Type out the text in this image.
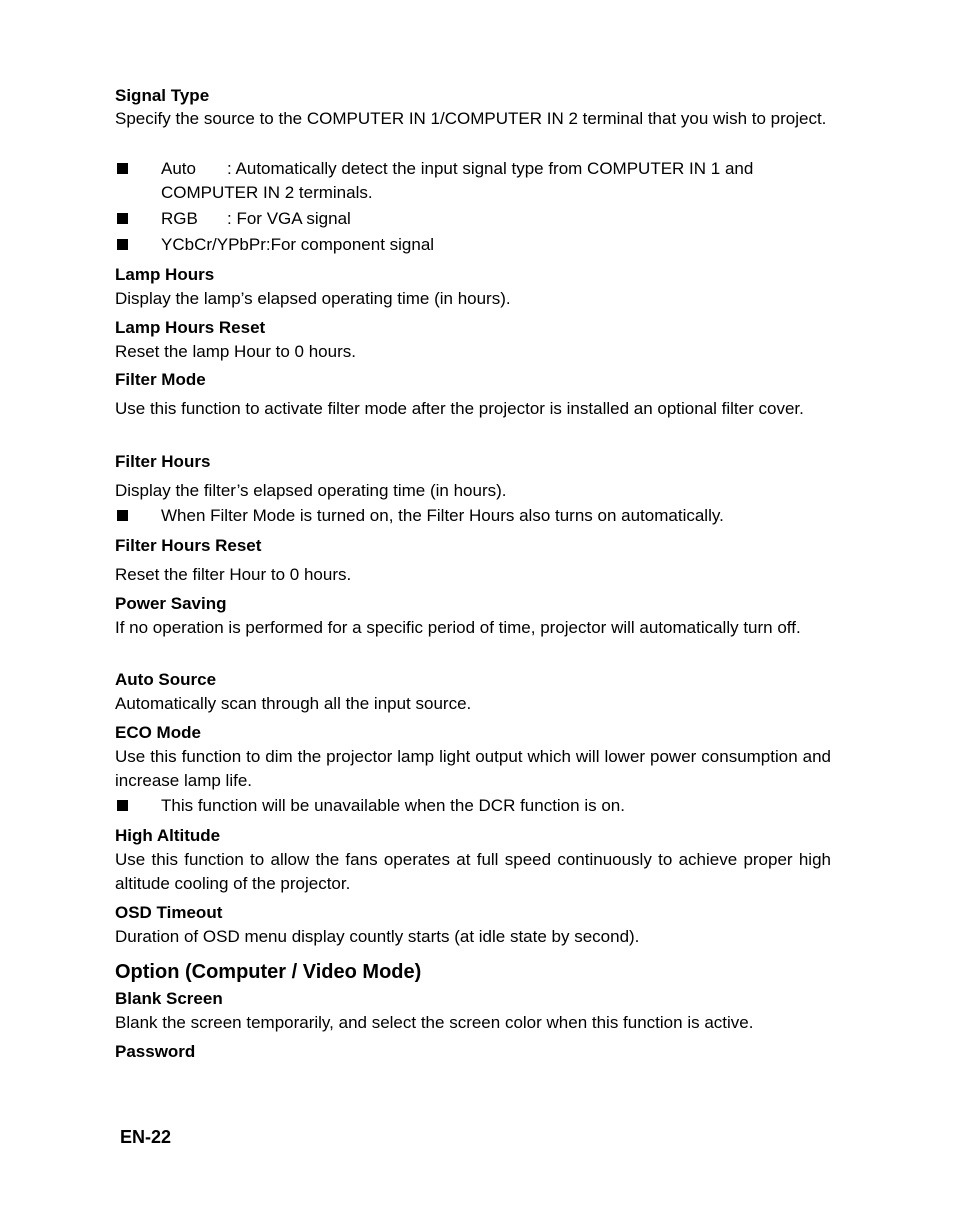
Signal Type
Specify the source to the COMPUTER IN 1/COMPUTER IN 2 terminal that you wish to project.
Auto : Automatically detect the input signal type from COMPUTER IN 1 and
COMPUTER IN 2 terminals.
RGB : For VGA signal
YCbCr/YPbPr:For component signal
Lamp Hours
Display the lamp’s elapsed operating time (in hours).
Lamp Hours Reset
Reset the lamp Hour to 0 hours.
Filter Mode
Use this function to activate filter mode after the projector is installed an optional filter cover.
Filter Hours
Display the filter’s elapsed operating time (in hours).
When Filter Mode is turned on, the Filter Hours also turns on automatically.
Filter Hours Reset
Reset the filter Hour to 0 hours.
Power Saving
If no operation is performed for a specific period of time, projector will automatically turn off.
Auto Source
Automatically scan through all the input source.
ECO Mode
Use this function to dim the projector lamp light output which will lower power consumption and increase lamp life.
This function will be unavailable when the DCR function is on.
High Altitude
Use this function to allow the fans operates at full speed continuously to achieve proper high altitude cooling of the projector.
OSD Timeout
Duration of OSD menu display countly starts (at idle state by second).
Option (Computer / Video Mode)
Blank Screen
Blank the screen temporarily, and select the screen color when this function is active.
Password
EN-22
